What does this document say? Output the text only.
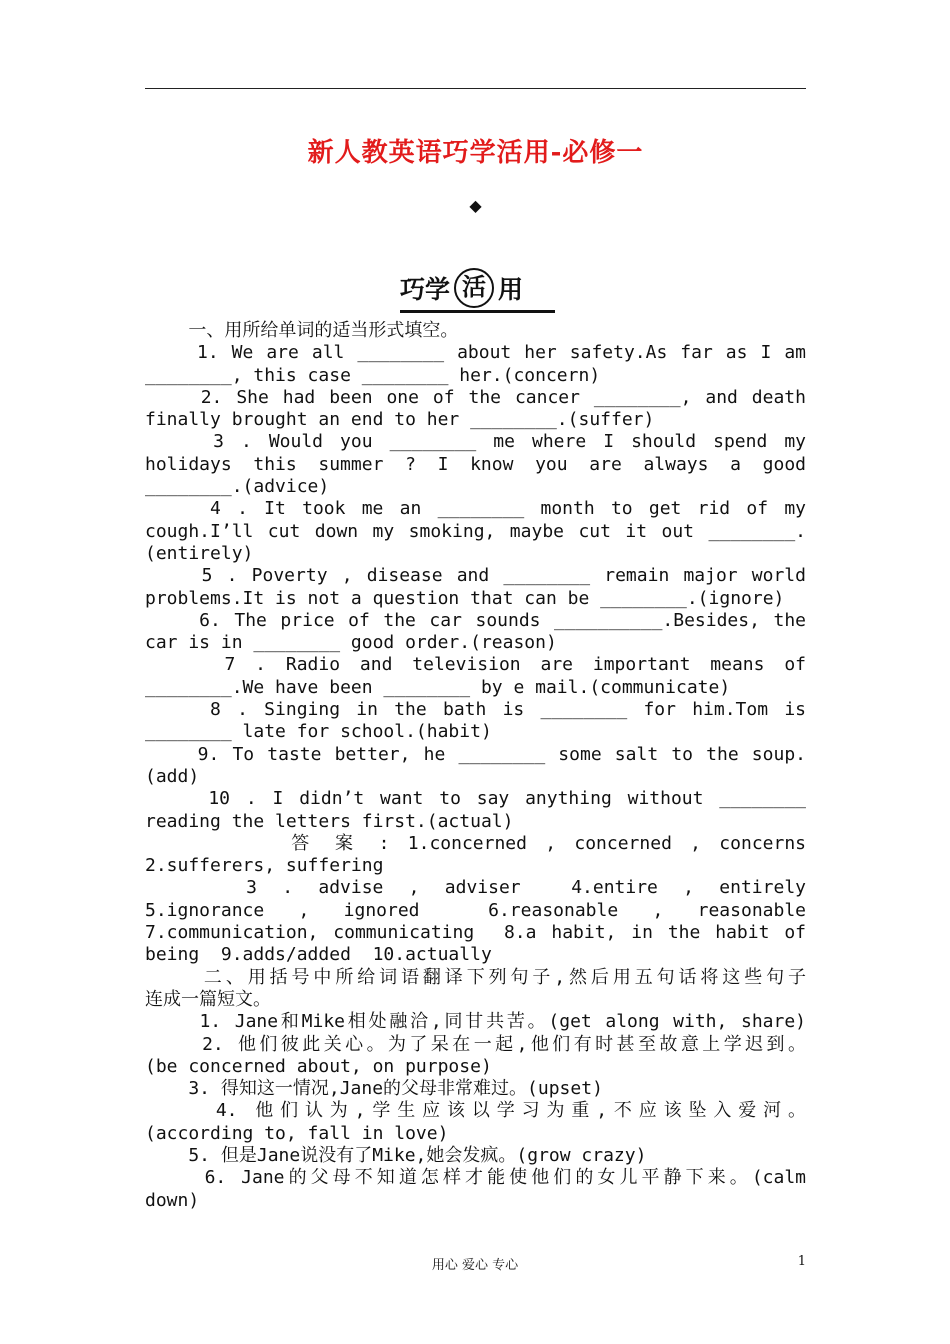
新人教英语巧学活用-必修一
◆
巧学 活 用
一、用所给单词的适当形式填空。
1. We are all ________ about her safety.As far as I am
________, this case ________ her.(concern)
2. She had been one of the cancer ________, and death
finally brought an end to her ________.(suffer)
3 . Would you ________ me where I should spend my
holidays this summer ? I know you are always a good
________.(advice)
4 . It took me an ________ month to get rid of my
cough.I’ll cut down my smoking, maybe cut it out ________.
(entirely)
5 . Poverty , disease and ________ remain major world
problems.It is not a question that can be ________.(ignore)
6. The price of the car sounds __________.Besides, the
car is in ________ good order.(reason)
7 . Radio and television are important means of
________.We have been ________ by e mail.(communicate)
8 . Singing in the bath is ________ for him.Tom is
________ late for school.(habit)
9. To taste better, he ________ some salt to the soup.
(add)
10 . I didn’t want to say anything without ________
reading the letters first.(actual)
答 案 : 1.concerned , concerned , concerns
2.sufferers, suffering
3 . advise , adviser  4.entire , entirely
5.ignorance , ignored  6.reasonable , reasonable
7.communication, communicating  8.a habit, in the habit of
being  9.adds/added  10.actually
二、用括号中所给词语翻译下列句子,然后用五句话将这些句子
连成一篇短文。
1. Jane和Mike相处融洽,同甘共苦。(get along with, share)
2. 他们彼此关心。为了呆在一起,他们有时甚至故意上学迟到。
(be concerned about, on purpose)
3. 得知这一情况,Jane的父母非常难过。(upset)
4. 他们认为,学生应该以学习为重,不应该坠入爱河。
(according to, fall in love)
5. 但是Jane说没有了Mike,她会发疯。(grow crazy)
6. Jane的父母不知道怎样才能使他们的女儿平静下来。(calm
down)
用心 爱心 专心	1
